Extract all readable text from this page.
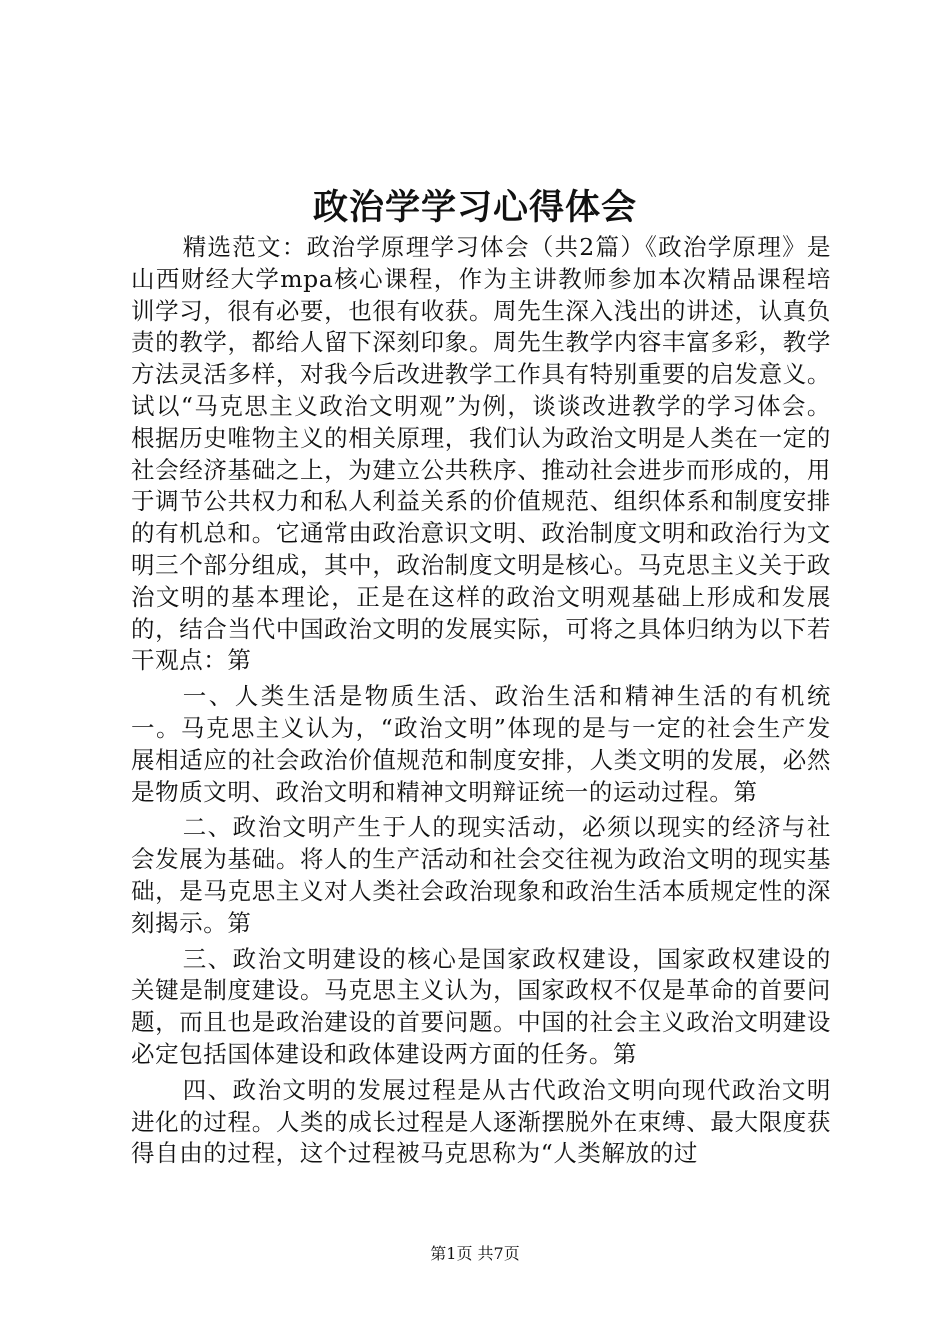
政治学学习心得体会

精选范文：政治学原理学习体会（共2篇）《政治学原理》是山西财经大学mpa核心课程，作为主讲教师参加本次精品课程培训学习，很有必要，也很有收获。周先生深入浅出的讲述，认真负责的教学，都给人留下深刻印象。周先生教学内容丰富多彩，教学方法灵活多样，对我今后改进教学工作具有特别重要的启发意义。试以“马克思主义政治文明观”为例，谈谈改进教学的学习体会。根据历史唯物主义的相关原理，我们认为政治文明是人类在一定的社会经济基础之上，为建立公共秩序、推动社会进步而形成的，用于调节公共权力和私人利益关系的价值规范、组织体系和制度安排的有机总和。它通常由政治意识文明、政治制度文明和政治行为文明三个部分组成，其中，政治制度文明是核心。马克思主义关于政治文明的基本理论，正是在这样的政治文明观基础上形成和发展的，结合当代中国政治文明的发展实际，可将之具体归纳为以下若干观点：第

一、人类生活是物质生活、政治生活和精神生活的有机统一。马克思主义认为，“政治文明”体现的是与一定的社会生产发展相适应的社会政治价值规范和制度安排，人类文明的发展，必然是物质文明、政治文明和精神文明辩证统一的运动过程。第

二、政治文明产生于人的现实活动，必须以现实的经济与社会发展为基础。将人的生产活动和社会交往视为政治文明的现实基础，是马克思主义对人类社会政治现象和政治生活本质规定性的深刻揭示。第

三、政治文明建设的核心是国家政权建设，国家政权建设的关键是制度建设。马克思主义认为，国家政权不仅是革命的首要问题，而且也是政治建设的首要问题。中国的社会主义政治文明建设必定包括国体建设和政体建设两方面的任务。第

四、政治文明的发展过程是从古代政治文明向现代政治文明进化的过程。人类的成长过程是人逐渐摆脱外在束缚、最大限度获得自由的过程，这个过程被马克思称为“人类解放的过

第1页 共7页
